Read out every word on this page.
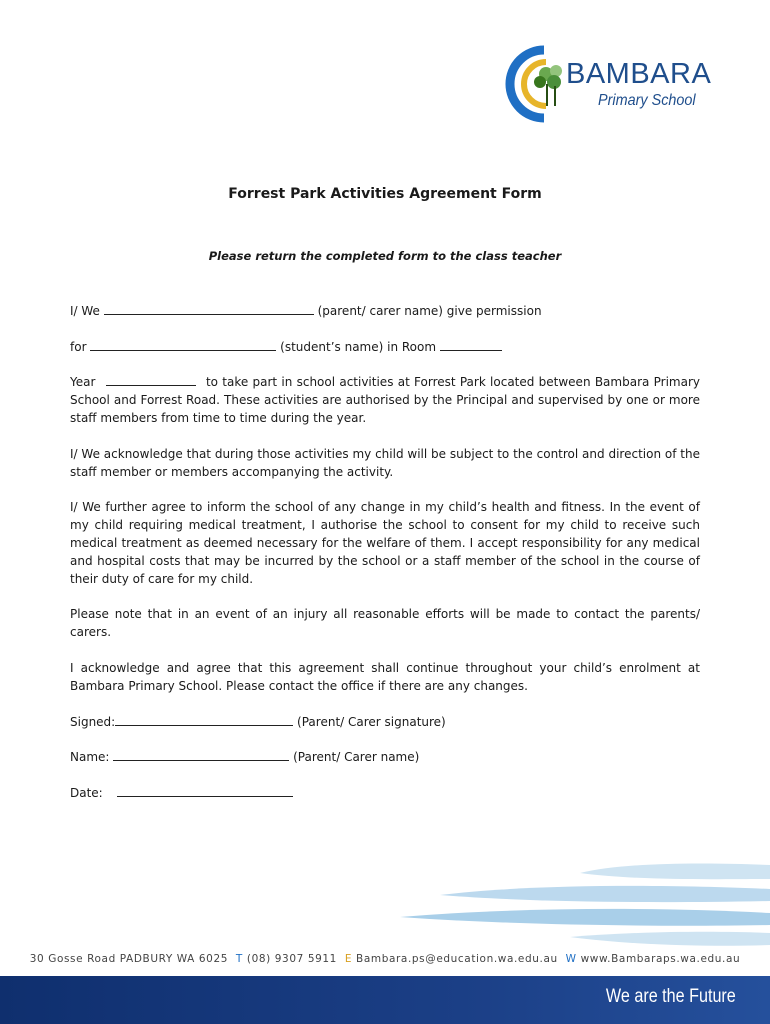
BAMBARA
Primary School
Forrest Park Activities Agreement Form
Please return the completed form to the class teacher
I/ We	(parent/ carer name) give permission
for	(student’s name) in Room

Year	to take part in school activities at Forrest Park located between Bambara Primary School and Forrest Road. These activities are authorised by the Principal and supervised by one or more staff members from time to time during the year.

I/ We acknowledge that during those activities my child will be subject to the control and direction of the staff member or members accompanying the activity.

I/ We further agree to inform the school of any change in my child’s health and fitness. In the event of my child requiring medical treatment, I authorise the school to consent for my child to receive such medical treatment as deemed necessary for the welfare of them. I accept responsibility for any medical and hospital costs that may be incurred by the school or a staff member of the school in the course of their duty of care for my child.

Please note that in an event of an injury all reasonable efforts will be made to contact the parents/ carers.

I acknowledge and agree that this agreement shall continue throughout your child’s enrolment at Bambara Primary School. Please contact the office if there are any changes.

Signed:	(Parent/ Carer signature)
Name:	(Parent/ Carer name)
Date:
30 Gosse Road PADBURY WA 6025 T (08) 9307 5911 E Bambara.ps@education.wa.edu.au W www.Bambaraps.wa.edu.au
We are the Future
